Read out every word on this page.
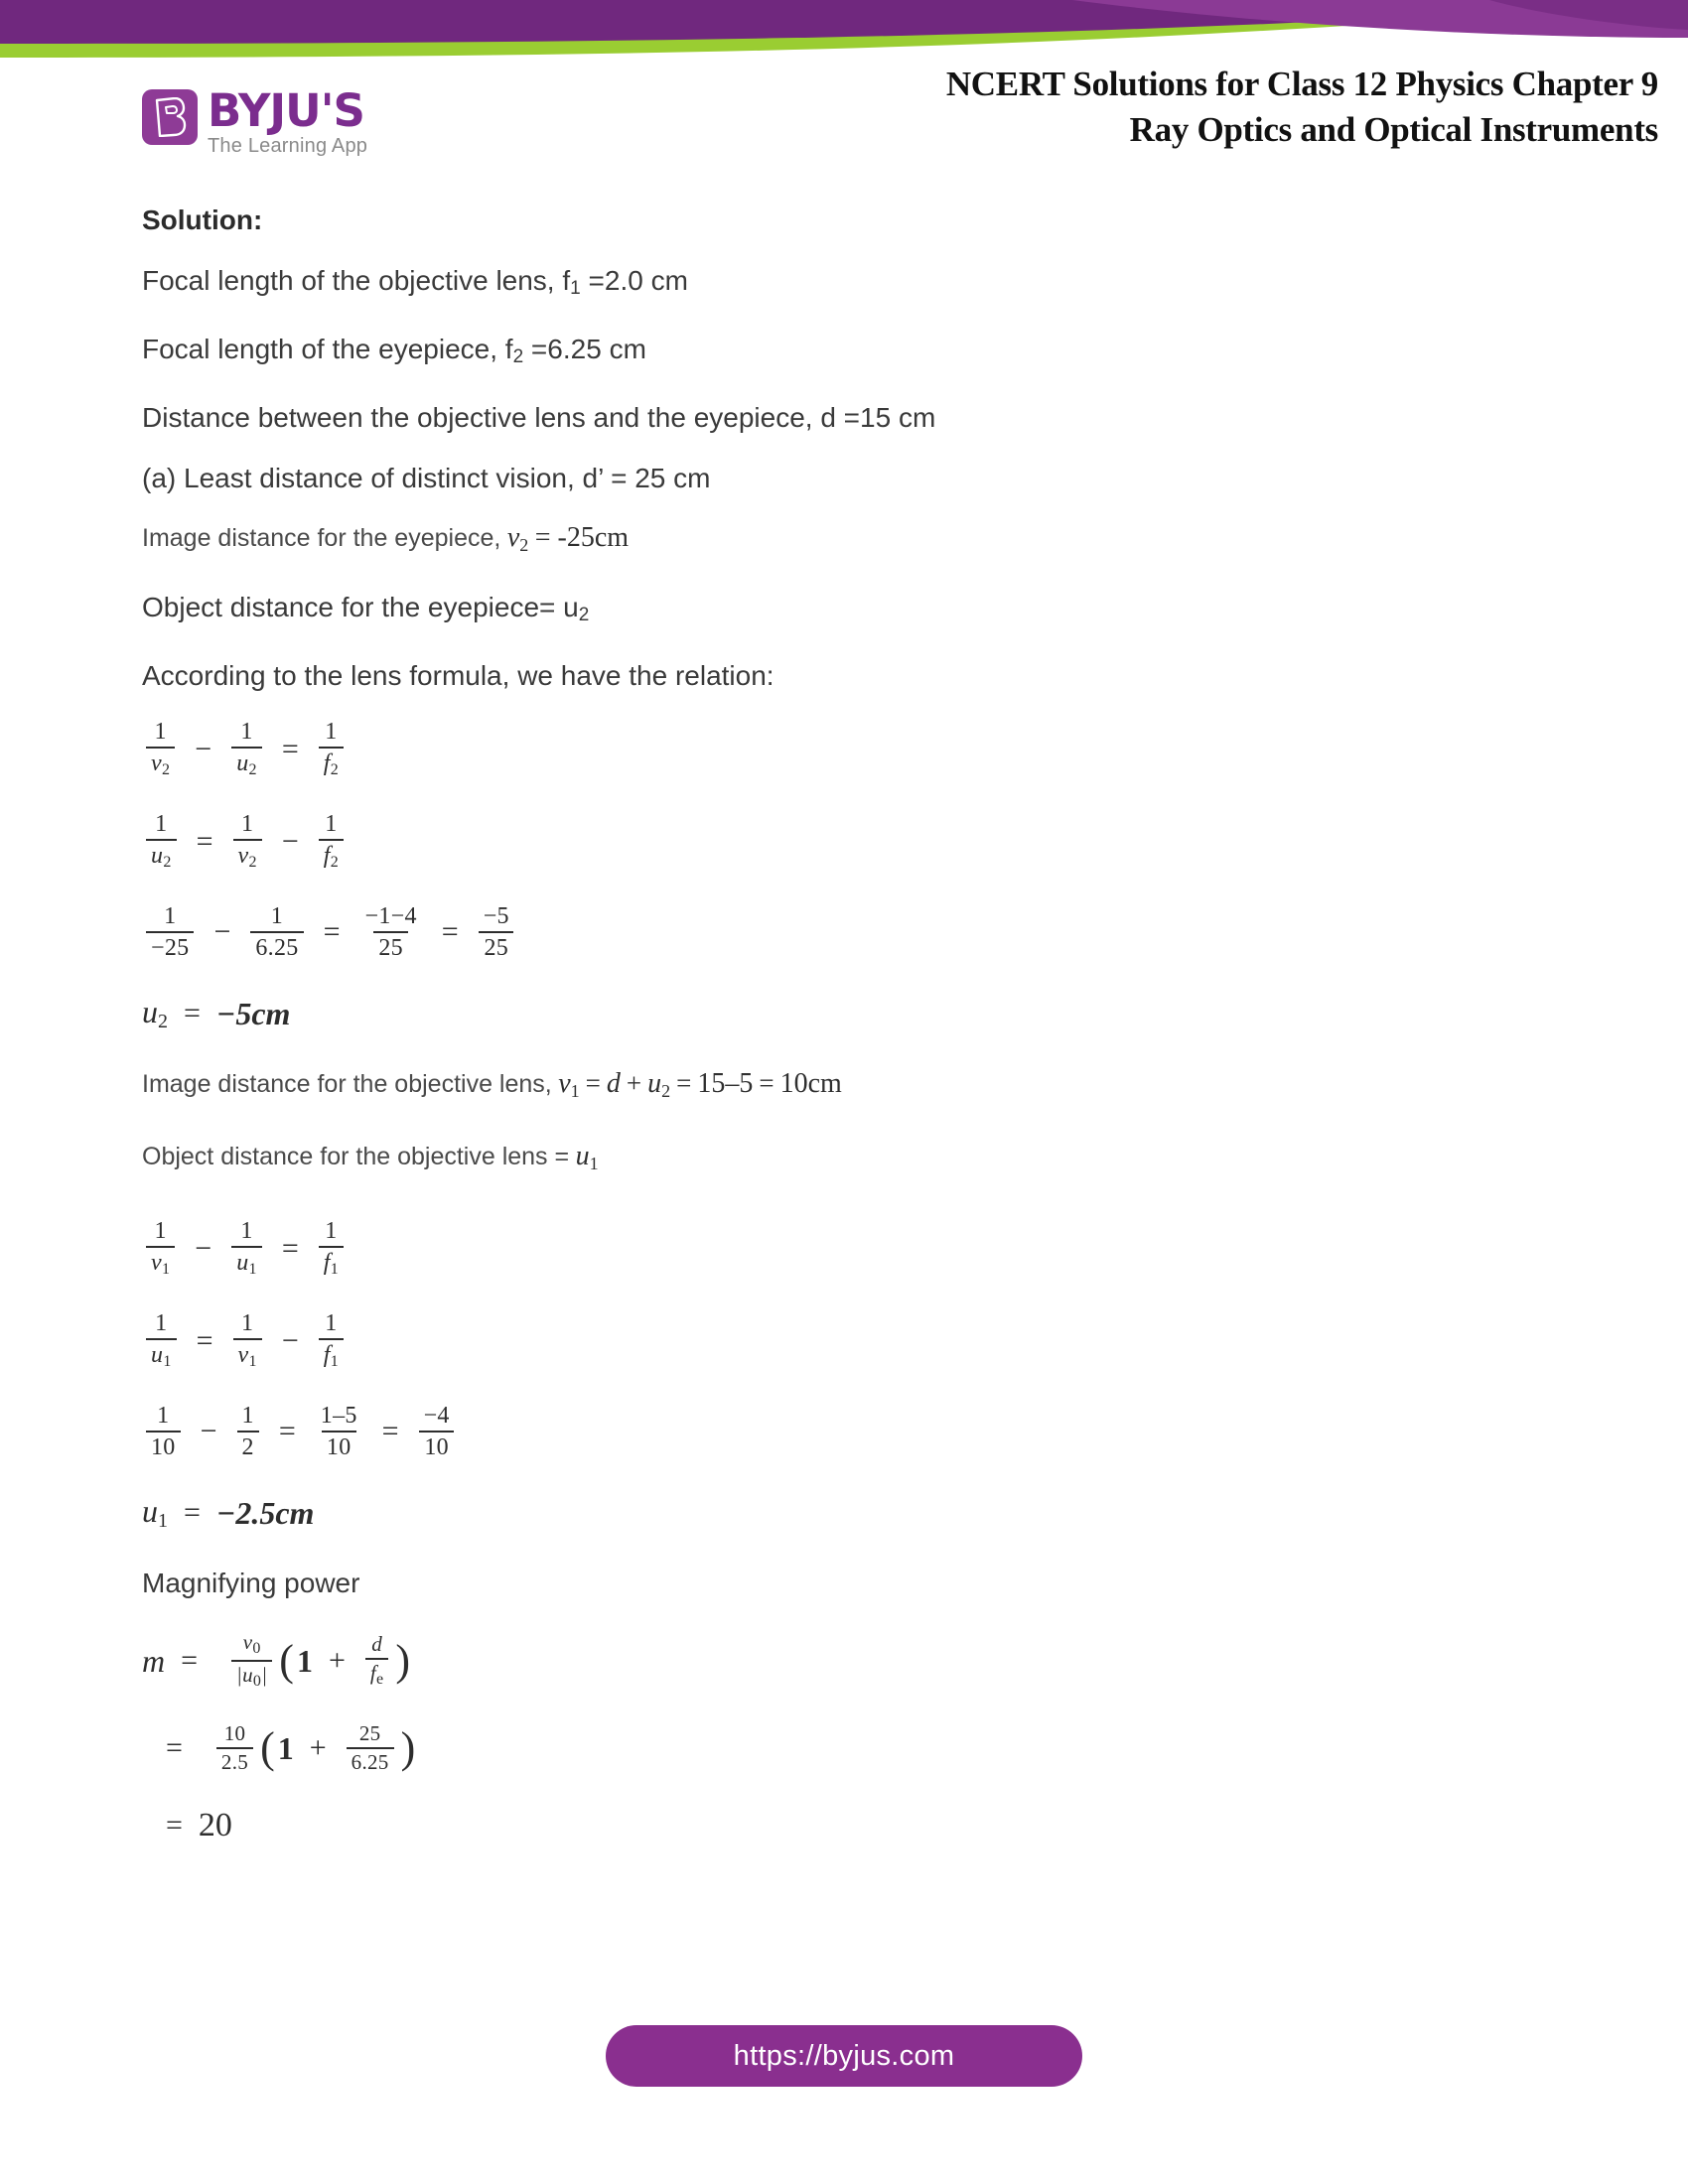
BYJU'S
The Learning App
NCERT Solutions for Class 12 Physics Chapter 9
Ray Optics and Optical Instruments
Solution:
Focal length of the objective lens, $f_1 =2.0$ cm
Focal length of the eyepiece, $f_2 =6.25$ cm
Distance between the objective lens and the eyepiece, d =15 cm
(a) Least distance of distinct vision, d’ = 25 cm
Image distance for the eyepiece, $v_2 = -25cm$
Object distance for the eyepiece= $u_2$
According to the lens formula, we have the relation:
$\frac{1}{v_2} - \frac{1}{u_2} = \frac{1}{f_2}$
$\frac{1}{u_2} = \frac{1}{v_2} - \frac{1}{f_2}$
$\frac{1}{-25} - \frac{1}{6.25} = \frac{-1-4}{25} = \frac{-5}{25}$
$u_2 = -5cm$
Image distance for the objective lens, $v_1 = d + u_2 = 15-5 = 10cm$
Object distance for the objective lens = $u_1$
$\frac{1}{v_1} - \frac{1}{u_1} = \frac{1}{f_1}$
$\frac{1}{u_1} = \frac{1}{v_1} - \frac{1}{f_1}$
$\frac{1}{10} - \frac{1}{2} = \frac{1-5}{10} = \frac{-4}{10}$
$u_1 = -2.5cm$
Magnifying power
m =	$\frac{v_0}{|u_0|}$ ( $1 + \frac{d}{f_e}$ )
=	$\frac{10}{2.5}$ ( $1 + \frac{25}{6.25}$ )
= 20
https://byjus.com
